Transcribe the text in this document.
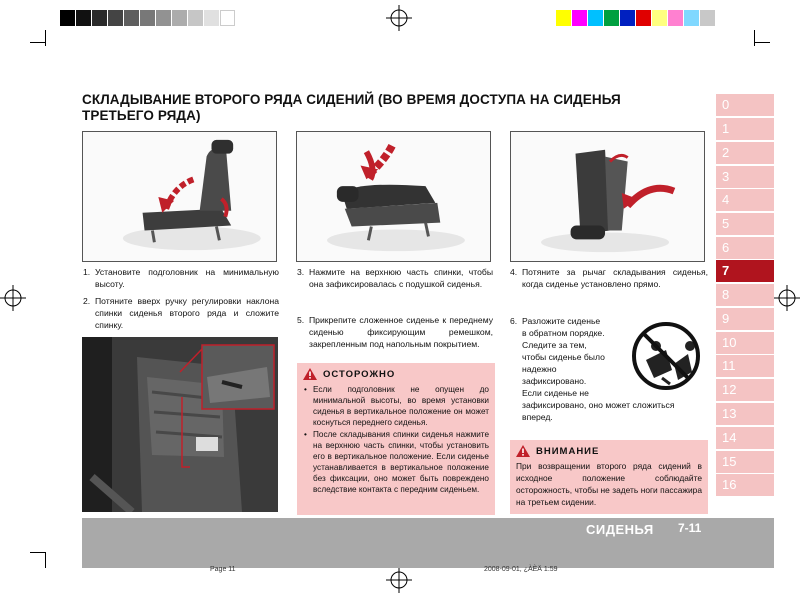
СКЛАДЫВАНИЕ ВТОРОГО РЯДА СИДЕНИЙ (ВО ВРЕМЯ ДОСТУПА НА СИДЕНЬЯ
ТРЕТЬЕГО РЯДА)
1. Установите подголовник на минимальную высоту.
2. Потяните вверх ручку регулировки наклона спинки сиденья второго ряда и сложите спинку.
3. Нажмите на верхнюю часть спинки, чтобы она зафиксировалась с подушкой сиденья.
5. Прикрепите сложенное сиденье к переднему сиденью фиксирующим ремешком, закрепленным под напольным покрытием.
ОСТОРОЖНО
• Если подголовник не опущен до минимальной высоты, во время установки сиденья в вертикальное положение он может коснуться переднего сиденья.
• После складывания спинки сиденья нажмите на верхнюю часть спинки, чтобы установить его в вертикальное положение. Если сиденье устанавливается в вертикальное положение без фиксации, оно может быть повреждено вследствие контакта с передним сиденьем.
4. Потяните за рычаг складывания сиденья, когда сиденье установлено прямо.
6. Разложите сиденье
в обратном порядке.
Следите за тем,
чтобы сиденье было
надежно
зафиксировано.
Если сиденье не
зафиксировано, оно может сложиться
вперед.
ВНИМАНИЕ
При возвращении второго ряда сидений в исходное положение соблюдайте осторожность, чтобы не задеть ноги пассажира на третьем сидении.
0
1
2
3
4
5
6
7
8
9
10
11
12
13
14
15
16
СИДЕНЬЯ 7-11
Page 11	2008-09-01, ¿ÀÈÄ 1:59
